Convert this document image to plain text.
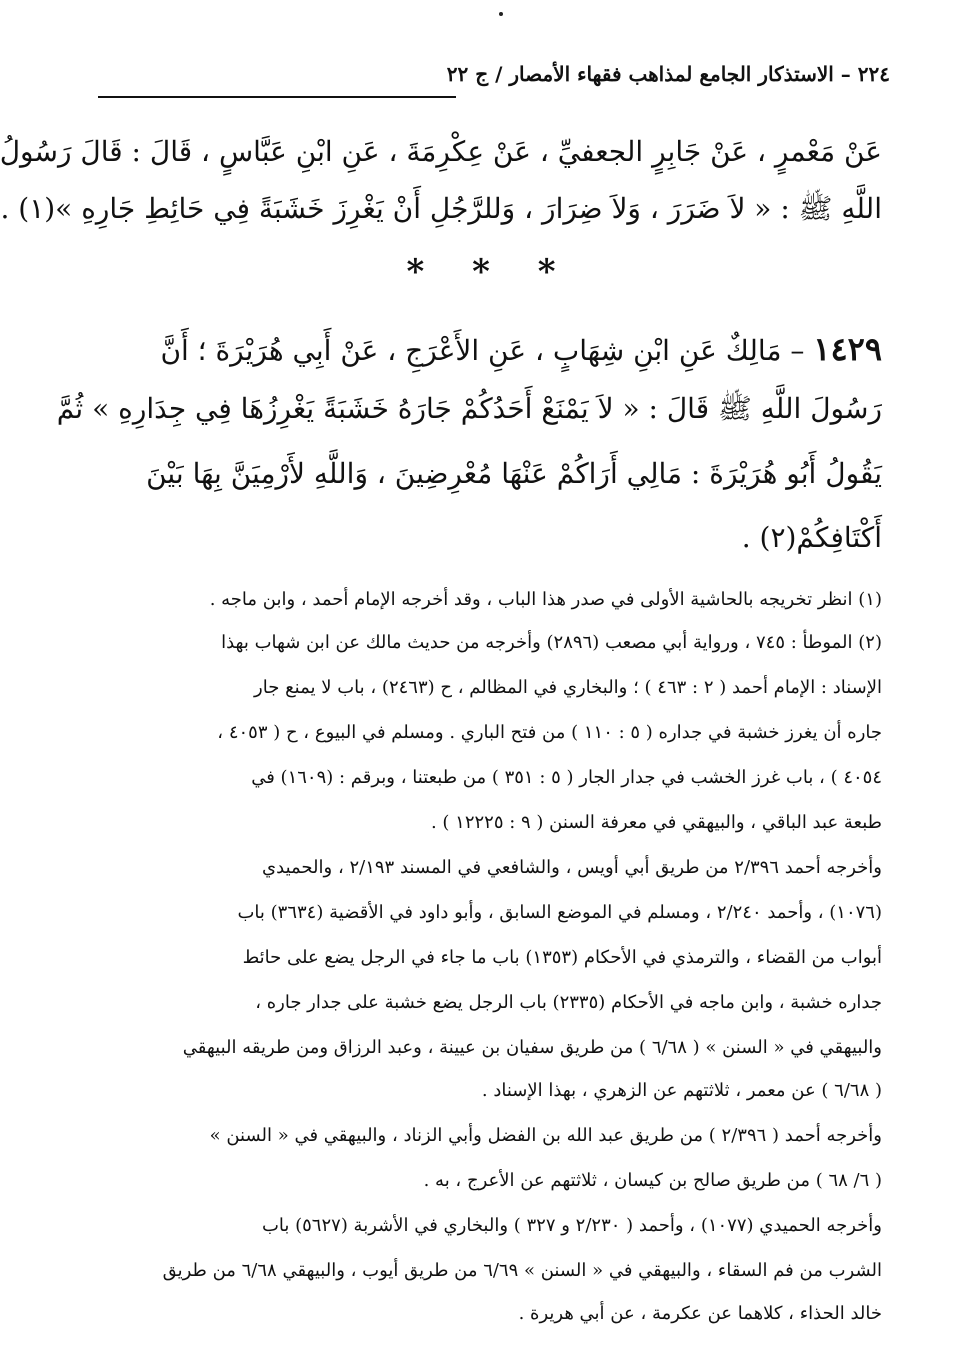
٢٢٤ – الاستذكار الجامع لمذاهب فقهاء الأمصار / ج ٢٢
عَنْ مَعْمرٍ ، عَنْ جَابِرٍ الجعفيِّ ، عَنْ عِكْرِمَةَ ، عَنِ ابْنِ عَبَّاسٍ ، قَالَ : قَالَ رَسُولُ
اللَّهِ ﷺ : « لاَ ضَرَرَ ، وَلاَ ضِرَارَ ، وَللرَّجُلِ أَنْ يَغْرِزَ خَشَبَةً فِي حَائِطِ جَارِهِ »(١) .
* * *
١٤٢٩ – مَالِكٌ عَنِ ابْنِ شِهَابٍ ، عَنِ الأَعْرَجِ ، عَنْ أَبِي هُرَيْرَةَ ؛ أَنَّ
رَسُولَ اللَّهِ ﷺ قَالَ : « لاَ يَمْنَعْ أَحَدُكُمْ جَارَهُ خَشَبَةً يَغْرِزُهَا فِي جِدَارِهِ » ثُمَّ
يَقُولُ أَبُو هُرَيْرَةَ : مَالِي أَرَاكُمْ عَنْهَا مُعْرِضِينَ ، وَاللَّهِ لأَرْمِيَنَّ بِهَا بَيْنَ
أَكْتَافِكُمْ(٢) .
(١) انظر تخريجه بالحاشية الأولى في صدر هذا الباب ، وقد أخرجه الإمام أحمد ، وابن ماجه .
(٢) الموطأ : ٧٤٥ ، ورواية أبي مصعب (٢٨٩٦) وأخرجه من حديث مالك عن ابن شهاب بهذا
الإسناد : الإمام أحمد ( ٢ : ٤٦٣ ) ؛ والبخاري في المظالم ، ح (٢٤٦٣) ، باب لا يمنع جار
جاره أن يغرز خشبة في جداره ( ٥ : ١١٠ ) من فتح الباري . ومسلم في البيوع ، ح ( ٤٠٥٣ ،
٤٠٥٤ ) ، باب غرز الخشب في جدار الجار ( ٥ : ٣٥١ ) من طبعتنا ، وبرقم : (١٦٠٩) في
طبعة عبد الباقي ، والبيهقي في معرفة السنن ( ٩ : ١٢٢٢٥ ) .
وأخرجه أحمد ٢/٣٩٦ من طريق أبي أويس ، والشافعي في المسند ٢/١٩٣ ، والحميدي
(١٠٧٦) ، وأحمد ٢/٢٤٠ ، ومسلم في الموضع السابق ، وأبو داود في الأقضية (٣٦٣٤) باب
أبواب من القضاء ، والترمذي في الأحكام (١٣٥٣) باب ما جاء في الرجل يضع على حائط
جداره خشبة ، وابن ماجه في الأحكام (٢٣٣٥) باب الرجل يضع خشبة على جدار جاره ،
والبيهقي في « السنن » ( ٦/٦٨ ) من طريق سفيان بن عيينة ، وعبد الرزاق ومن طريقه البيهقي
( ٦/٦٨ ) عن معمر ، ثلاثتهم عن الزهري ، بهذا الإسناد .
وأخرجه أحمد ( ٢/٣٩٦ ) من طريق عبد الله بن الفضل وأبي الزناد ، والبيهقي في « السنن »
( ٦/ ٦٨ ) من طريق صالح بن كيسان ، ثلاثتهم عن الأعرج ، به .
وأخرجه الحميدي (١٠٧٧) ، وأحمد ( ٢/٢٣٠ و ٣٢٧ ) والبخاري في الأشربة (٥٦٢٧) باب
الشرب من فم السقاء ، والبيهقي في « السنن » ٦/٦٩ من طريق أيوب ، والبيهقي ٦/٦٨ من طريق
خالد الحذاء ، كلاهما عن عكرمة ، عن أبي هريرة .
